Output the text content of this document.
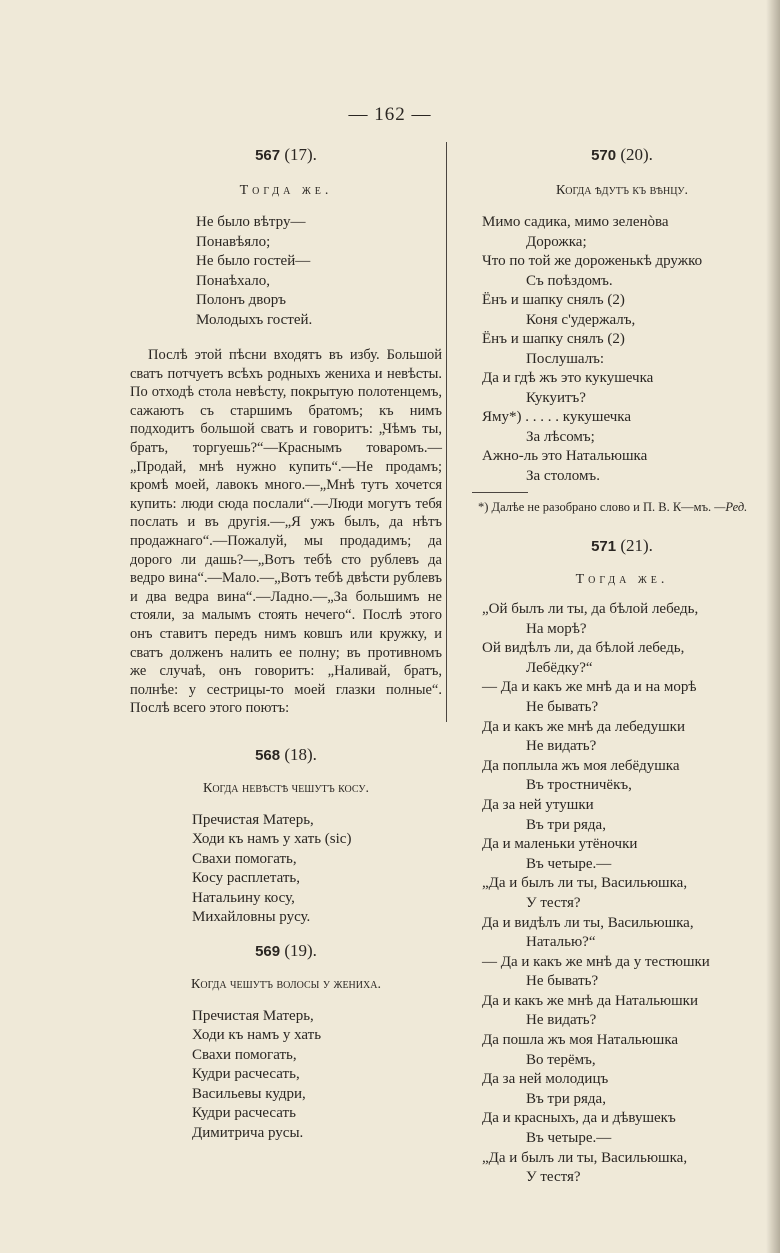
— 162 —

567 (17).

Тогда же.

Не было вѣтру—
Понавѣяло;
Не было гостей—
Понаѣхало,
Полонъ дворъ
Молодыхъ гостей.

Послѣ этой пѣсни входятъ въ избу. Большой сватъ потчуетъ всѣхъ родныхъ жениха и невѣсты. По отходѣ стола невѣсту, покрытую полотенцемъ, сажаютъ съ старшимъ братомъ; къ нимъ подходитъ большой сватъ и говоритъ: „Чѣмъ ты, братъ, торгуешь?“—Краснымъ товаромъ.—„Продай, мнѣ нужно купить“.—Не продамъ; кромѣ моей, лавокъ много.—„Мнѣ тутъ хочется купить: люди сюда послали“.—Люди могутъ тебя послать и въ другія.—„Я ужъ былъ, да нѣтъ продажнаго“.—Пожалуй, мы продадимъ; да дорого ли дашь?—„Вотъ тебѣ сто рублевъ да ведро вина“.—Мало.—„Вотъ тебѣ двѣсти рублевъ и два ведра вина“.—Ладно.—„За большимъ не стояли, за малымъ стоять нечего“. Послѣ этого онъ ставитъ передъ нимъ ковшъ или кружку, и сватъ долженъ налить ее полну; въ противномъ же случаѣ, онъ говоритъ: „Наливай, братъ, полнѣе: у сестрицы-то моей глазки полные“. Послѣ всего этого поютъ:

568 (18).

Когда невѣстѣ чешутъ косу.

Пречистая Матерь,
Ходи къ намъ у хать (sic)
Свахи помогать,
Косу расплетать,
Натальину косу,
Михайловны русу.

569 (19).

Когда чешутъ волосы у жениха.

Пречистая Матерь,
Ходи къ намъ у хать
Свахи помогать,
Кудри расчесать,
Васильевы кудри,
Кудри расчесать
Димитрича русы.

570 (20).

Когда ѣдутъ къ вѣнцу.

Мимо садика, мимо зеленòва
Дорожка;
Что по той же дороженькѣ дружко
Съ поѣздомъ.
Ёнъ и шапку снялъ (2)
Коня с'удержалъ,
Ёнъ и шапку снялъ (2)
Послушалъ:
Да и гдѣ жъ это кукушечка
Кукуитъ?
Яму*) . . . . . кукушечка
За лѣсомъ;
Ажно-ль это Натальюшка
За столомъ.
*) Далѣе не разобрано слово и П. В. К—мъ. —Ред.

571 (21).

Тогда же.

„Ой былъ ли ты, да бѣлой лебедь,
На морѣ?
Ой видѣлъ ли, да бѣлой лебедь,
Лебёдку?“
— Да и какъ же мнѣ да и на морѣ
Не бывать?
Да и какъ же мнѣ да лебедушки
Не видать?
Да поплыла жъ моя лебёдушка
Въ тростничёкъ,
Да за ней утушки
Въ три ряда,
Да и маленьки утёночки
Въ четыре.—
„Да и былъ ли ты, Васильюшка,
У тестя?
Да и видѣлъ ли ты, Васильюшка,
Наталью?“
— Да и какъ же мнѣ да у тестюшки
Не бывать?
Да и какъ же мнѣ да Натальюшки
Не видать?
Да пошла жъ моя Натальюшка
Во терёмъ,
Да за ней молодицъ
Въ три ряда,
Да и красныхъ, да и дѣвушекъ
Въ четыре.—
„Да и былъ ли ты, Васильюшка,
У тестя?
